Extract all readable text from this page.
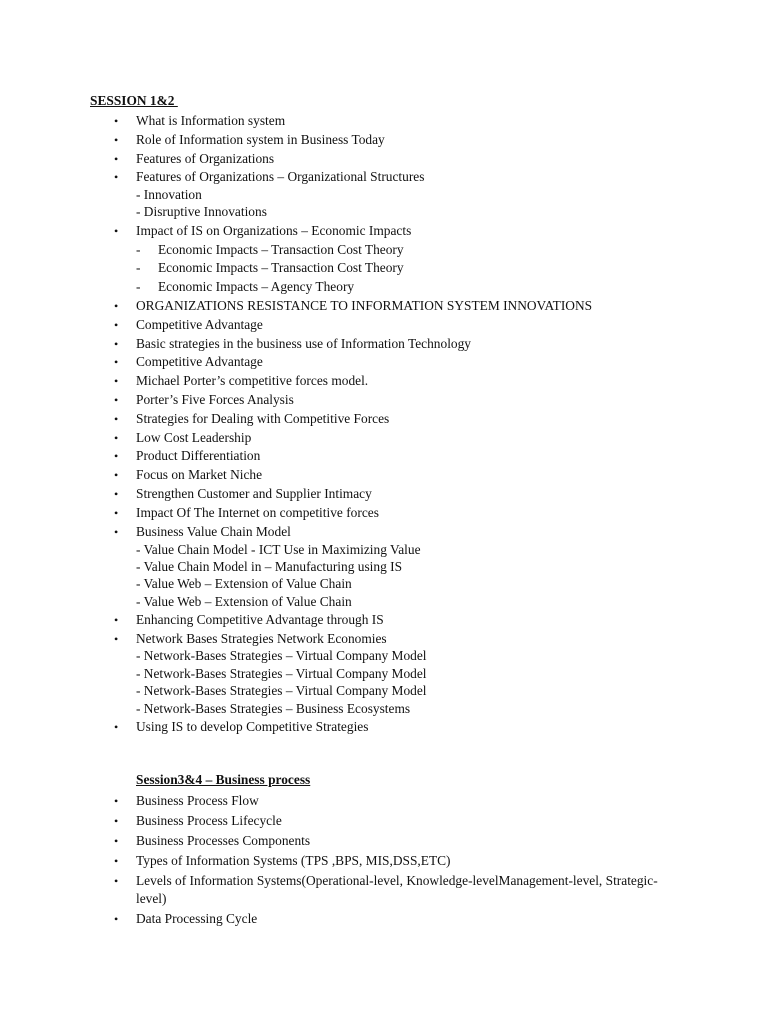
SESSION 1&2
• What is Information system
• Role of Information system in Business Today
• Features of Organizations
• Features of Organizations – Organizational Structures
- Innovation
- Disruptive Innovations
• Impact of IS on Organizations – Economic Impacts
- Economic Impacts – Transaction Cost Theory
- Economic Impacts – Transaction Cost Theory
- Economic Impacts – Agency Theory
• ORGANIZATIONS RESISTANCE TO INFORMATION SYSTEM INNOVATIONS
• Competitive Advantage
• Basic strategies in the business use of Information Technology
• Competitive Advantage
• Michael Porter’s competitive forces model.
• Porter’s Five Forces Analysis
• Strategies for Dealing with Competitive Forces
• Low Cost Leadership
• Product Differentiation
• Focus on Market Niche
• Strengthen Customer and Supplier Intimacy
• Impact Of The Internet on competitive forces
• Business Value Chain Model
- Value Chain Model - ICT Use in Maximizing Value
- Value Chain Model in – Manufacturing using IS
- Value Web – Extension of Value Chain
- Value Web – Extension of Value Chain
• Enhancing Competitive Advantage through IS
• Network Bases Strategies Network Economies
- Network-Bases Strategies – Virtual Company Model
- Network-Bases Strategies – Virtual Company Model
- Network-Bases Strategies – Virtual Company Model
- Network-Bases Strategies – Business Ecosystems
• Using IS to develop Competitive Strategies
Session3&4 – Business process
• Business Process Flow
• Business Process Lifecycle
• Business Processes Components
• Types of Information Systems (TPS ,BPS, MIS,DSS,ETC)
• Levels of Information Systems(Operational-level, Knowledge-levelManagement-level, Strategic-
level)
• Data Processing Cycle
